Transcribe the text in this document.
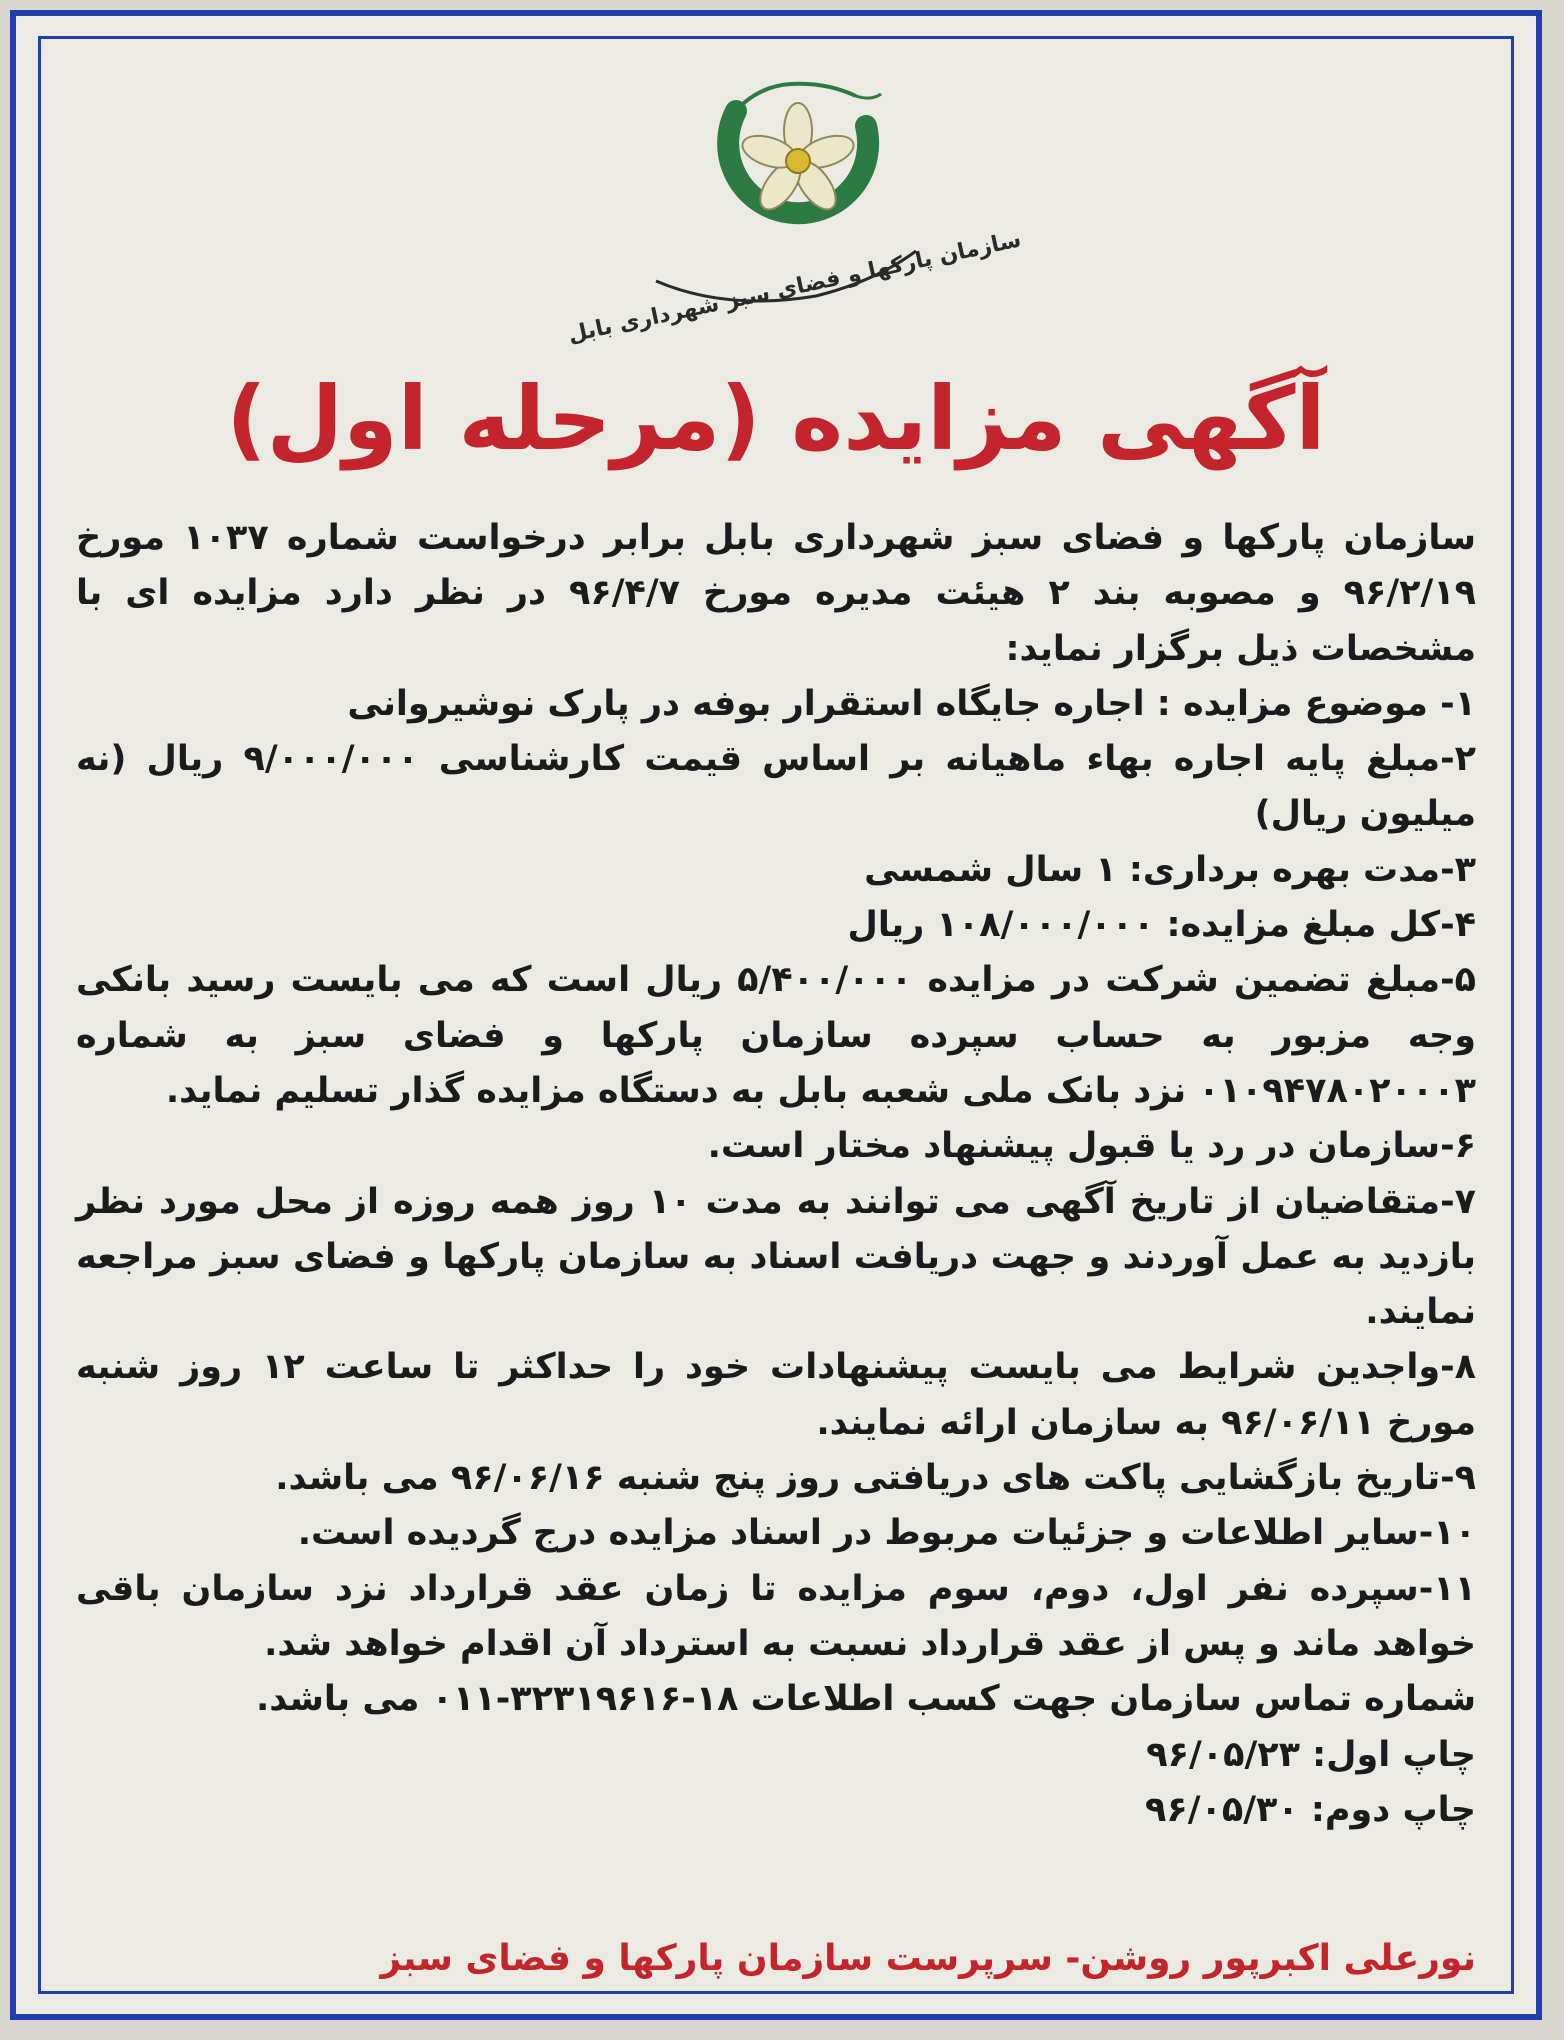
سازمان پارکها و فضای سبز شهرداری بابل
آگهی مزایده (مرحله اول)

سازمان پارکها و فضای سبز شهرداری بابل برابر درخواست شماره ۱۰۳۷ مورخ ۹۶/۲/۱۹ و مصوبه بند ۲ هیئت مدیره مورخ ۹۶/۴/۷ در نظر دارد مزایده ای با مشخصات ذیل برگزار نماید:

۱- موضوع مزایده : اجاره جایگاه استقرار بوفه در پارک نوشیروانی

۲-مبلغ پایه اجاره بهاء ماهیانه بر اساس قیمت کارشناسی ۹/۰۰۰/۰۰۰ ریال (نه میلیون ریال)

۳-مدت بهره برداری: ۱ سال شمسی

۴-کل مبلغ مزایده: ۱۰۸/۰۰۰/۰۰۰ ریال

۵-مبلغ تضمین شرکت در مزایده ۵/۴۰۰/۰۰۰ ریال است که می بایست رسید بانکی وجه مزبور به حساب سپرده سازمان پارکها و فضای سبز به شماره ۰۱۰۹۴۷۸۰۲۰۰۰۳ نزد بانک ملی شعبه بابل به دستگاه مزایده گذار تسلیم نماید.

۶-سازمان در رد یا قبول پیشنهاد مختار است.

۷-متقاضیان از تاریخ آگهی می توانند به مدت ۱۰ روز همه روزه از محل مورد نظر بازدید به عمل آوردند و جهت دریافت اسناد به سازمان پارکها و فضای سبز مراجعه نمایند.

۸-واجدین شرایط می بایست پیشنهادات خود را حداکثر تا ساعت ۱۲ روز شنبه مورخ ۹۶/۰۶/۱۱ به سازمان ارائه نمایند.

۹-تاریخ بازگشایی پاکت های دریافتی روز پنج شنبه ۹۶/۰۶/۱۶ می باشد.

۱۰-سایر اطلاعات و جزئیات مربوط در اسناد مزایده درج گردیده است.

۱۱-سپرده نفر اول، دوم، سوم مزایده تا زمان عقد قرارداد نزد سازمان باقی خواهد ماند و پس از عقد قرارداد نسبت به استرداد آن اقدام خواهد شد.

شماره تماس سازمان جهت کسب اطلاعات ۱۸-۳۲۳۱۹۶۱۶-۰۱۱ می باشد.

چاپ اول: ۹۶/۰۵/۲۳

چاپ دوم: ۹۶/۰۵/۳۰

نورعلی اکبرپور روشن- سرپرست سازمان پارکها و فضای سبز
